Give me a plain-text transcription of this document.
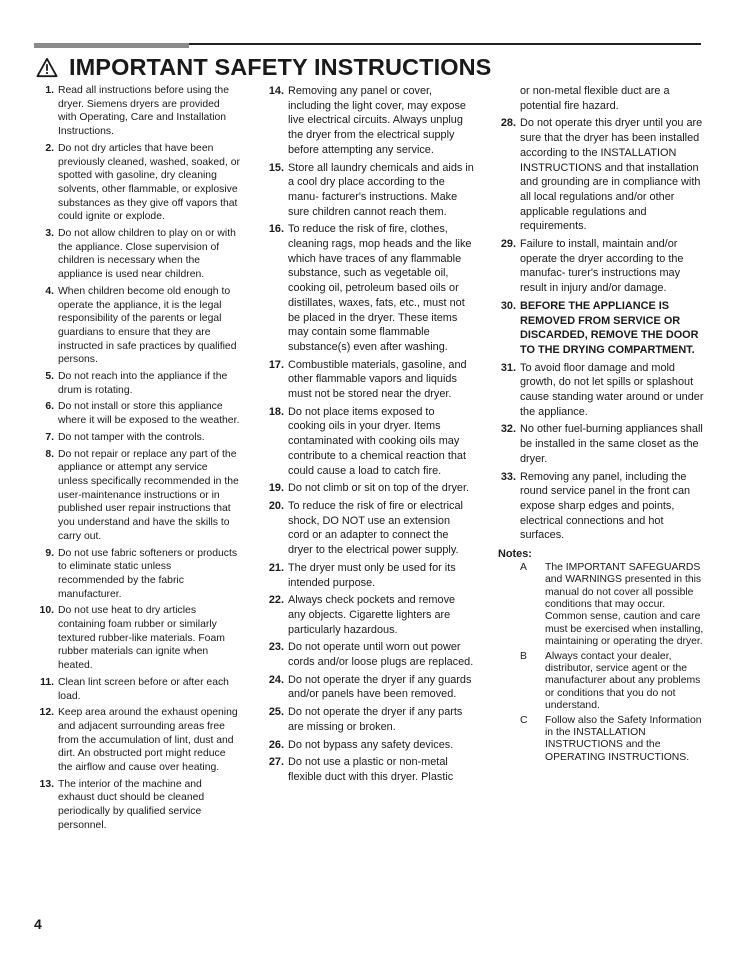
IMPORTANT SAFETY INSTRUCTIONS
1. Read all instructions before using the dryer. Siemens dryers are provided with Operating, Care and Installation Instructions.
2. Do not dry articles that have been previously cleaned, washed, soaked, or spotted with gasoline, dry cleaning solvents, other flammable, or explosive substances as they give off vapors that could ignite or explode.
3. Do not allow children to play on or with the appliance. Close supervision of children is necessary when the appliance is used near children.
4. When children become old enough to operate the appliance, it is the legal responsibility of the parents or legal guardians to ensure that they are instructed in safe practices by qualified persons.
5. Do not reach into the appliance if the drum is rotating.
6. Do not install or store this appliance where it will be exposed to the weather.
7. Do not tamper with the controls.
8. Do not repair or replace any part of the appliance or attempt any service unless specifically recommended in the user-maintenance instructions or in published user repair instructions that you understand and have the skills to carry out.
9. Do not use fabric softeners or products to eliminate static unless recommended by the fabric manufacturer.
10. Do not use heat to dry articles containing foam rubber or similarly textured rubber-like materials. Foam rubber materials can ignite when heated.
11. Clean lint screen before or after each load.
12. Keep area around the exhaust opening and adjacent surrounding areas free from the accumulation of lint, dust and dirt. An obstructed port might reduce the airflow and cause over heating.
13. The interior of the machine and exhaust duct should be cleaned periodically by qualified service personnel.
14. Removing any panel or cover, including the light cover, may expose live electrical circuits. Always unplug the dryer from the electrical supply before attempting any service.
15. Store all laundry chemicals and aids in a cool dry place according to the manu- facturer's instructions. Make sure children cannot reach them.
16. To reduce the risk of fire, clothes, cleaning rags, mop heads and the like which have traces of any flammable substance, such as vegetable oil, cooking oil, petroleum based oils or distillates, waxes, fats, etc., must not be placed in the dryer. These items may contain some flammable substance(s) even after washing.
17. Combustible materials, gasoline, and other flammable vapors and liquids must not be stored near the dryer.
18. Do not place items exposed to cooking oils in your dryer. Items contaminated with cooking oils may contribute to a chemical reaction that could cause a load to catch fire.
19. Do not climb or sit on top of the dryer.
20. To reduce the risk of fire or electrical shock, DO NOT use an extension cord or an adapter to connect the dryer to the electrical power supply.
21. The dryer must only be used for its intended purpose.
22. Always check pockets and remove any objects. Cigarette lighters are particularly hazardous.
23. Do not operate until worn out power cords and/or loose plugs are replaced.
24. Do not operate the dryer if any guards and/or panels have been removed.
25. Do not operate the dryer if any parts are missing or broken.
26. Do not bypass any safety devices.
27. Do not use a plastic or non-metal flexible duct with this dryer. Plastic
or non-metal flexible duct are a potential fire hazard.
28. Do not operate this dryer until you are sure that the dryer has been installed according to the INSTALLATION INSTRUCTIONS and that installation and grounding are in compliance with all local regulations and/or other applicable regulations and requirements.
29. Failure to install, maintain and/or operate the dryer according to the manufac- turer's instructions may result in injury and/or damage.
30. BEFORE THE APPLIANCE IS REMOVED FROM SERVICE OR DISCARDED, REMOVE THE DOOR TO THE DRYING COMPARTMENT.
31. To avoid floor damage and mold growth, do not let spills or splashout cause standing water around or under the appliance.
32. No other fuel-burning appliances shall be installed in the same closet as the dryer.
33. Removing any panel, including the round service panel in the front can expose sharp edges and points, electrical connections and hot surfaces.
Notes:
A	The IMPORTANT SAFEGUARDS and WARNINGS presented in this manual do not cover all possible conditions that may occur.
Common sense, caution and care must be exercised when installing, maintaining or operating the dryer.
B	Always contact your dealer, distributor, service agent or the manufacturer about any problems or conditions that you do not understand.
C	Follow also the Safety Information in the INSTALLATION INSTRUCTIONS and the OPERATING INSTRUCTIONS.
4
